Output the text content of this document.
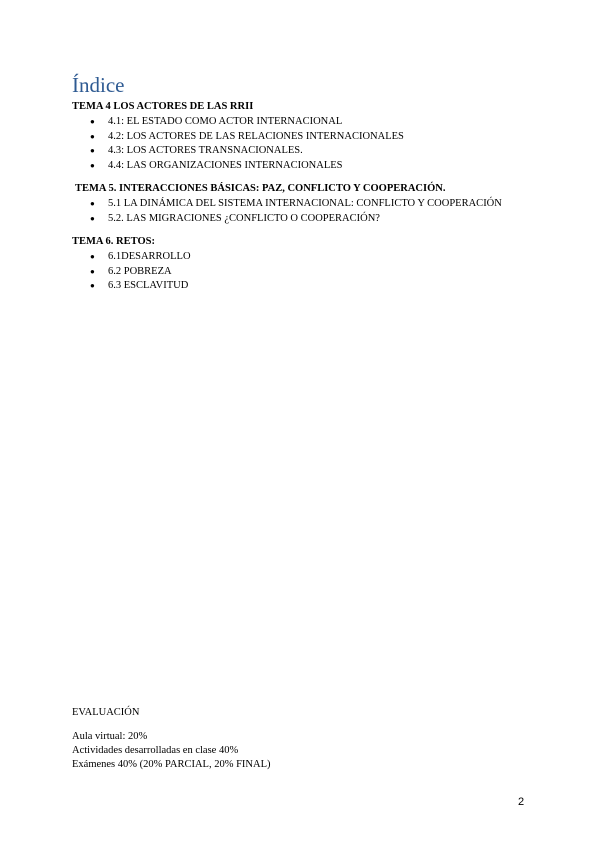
Índice

TEMA 4 LOS ACTORES DE LAS RRII

●	4.1: EL ESTADO COMO ACTOR INTERNACIONAL
●	4.2: LOS ACTORES DE LAS RELACIONES INTERNACIONALES
●	4.3: LOS ACTORES TRANSNACIONALES.
●	4.4: LAS ORGANIZACIONES INTERNACIONALES

TEMA 5. INTERACCIONES BÁSICAS: PAZ, CONFLICTO Y COOPERACIÓN.

●	5.1 LA DINÁMICA DEL SISTEMA INTERNACIONAL: CONFLICTO Y COOPERACIÓN
●	5.2. LAS MIGRACIONES ¿CONFLICTO O COOPERACIÓN?

TEMA 6. RETOS:

●	6.1DESARROLLO
●	6.2 POBREZA
●	6.3 ESCLAVITUD

EVALUACIÓN

Aula virtual: 20%

Actividades desarrolladas en clase 40%

Exámenes 40% (20% PARCIAL, 20% FINAL)

2
